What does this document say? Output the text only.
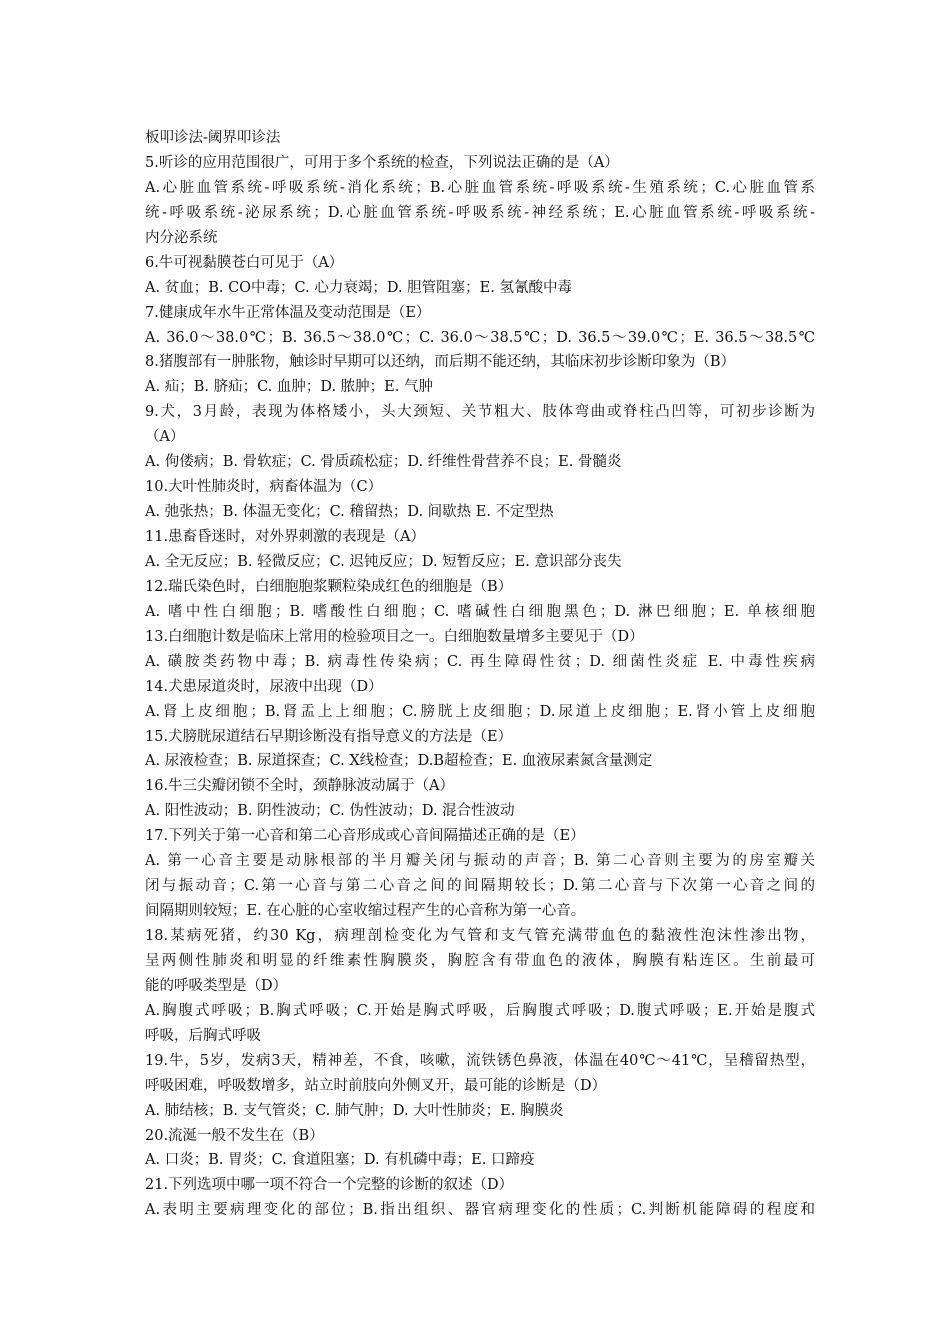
板叩诊法-阈界叩诊法
5.听诊的应用范围很广，可用于多个系统的检查，下列说法正确的是（A）
A.心脏血管系统-呼吸系统-消化系统；B.心脏血管系统-呼吸系统-生殖系统；C.心脏血管系
统-呼吸系统-泌尿系统；D.心脏血管系统-呼吸系统-神经系统；E.心脏血管系统-呼吸系统-
内分泌系统
6.牛可视黏膜苍白可见于（A）
A. 贫血；B. CO中毒；C. 心力衰竭；D. 胆管阻塞；E. 氢氰酸中毒
7.健康成年水牛正常体温及变动范围是（E）
A. 36.0～38.0℃；B. 36.5～38.0℃；C. 36.0～38.5℃；D. 36.5～39.0℃；E. 36.5～38.5℃
8.猪腹部有一肿胀物，触诊时早期可以还纳，而后期不能还纳，其临床初步诊断印象为（B）
A. 疝；B. 脐疝；C. 血肿；D. 脓肿；E. 气肿
9.犬，3月龄，表现为体格矮小，头大颈短、关节粗大、肢体弯曲或脊柱凸凹等，可初步诊断为
（A）
A. 佝偻病；B. 骨软症；C. 骨质疏松症；D. 纤维性骨营养不良；E. 骨髓炎
10.大叶性肺炎时，病畜体温为（C）
A. 弛张热；B. 体温无变化；C. 稽留热；D. 间歇热 E. 不定型热
11.患畜昏迷时，对外界刺激的表现是（A）
A. 全无反应；B. 轻微反应；C. 迟钝反应；D. 短暂反应；E. 意识部分丧失
12.瑞氏染色时，白细胞胞浆颗粒染成红色的细胞是（B）
A. 嗜中性白细胞；B. 嗜酸性白细胞；C. 嗜碱性白细胞黑色；D. 淋巴细胞；E. 单核细胞
13.白细胞计数是临床上常用的检验项目之一。白细胞数量增多主要见于（D）
A. 磺胺类药物中毒；B. 病毒性传染病；C. 再生障碍性贫；D. 细菌性炎症 E. 中毒性疾病
14.犬患尿道炎时，尿液中出现（D）
A.肾上皮细胞；B.肾盂上上细胞；C.膀胱上皮细胞；D.尿道上皮细胞；E.肾小管上皮细胞
15.犬膀胱尿道结石早期诊断没有指导意义的方法是（E）
A. 尿液检查；B. 尿道探查；C. X线检查；D.B超检查；E. 血液尿素氮含量测定
16.牛三尖瓣闭锁不全时，颈静脉波动属于（A）
A. 阳性波动；B. 阴性波动；C. 伪性波动；D. 混合性波动
17.下列关于第一心音和第二心音形成或心音间隔描述正确的是（E）
A. 第一心音主要是动脉根部的半月瓣关闭与振动的声音；B. 第二心音则主要为的房室瓣关
闭与振动音；C.第一心音与第二心音之间的间隔期较长；D.第二心音与下次第一心音之间的
间隔期则较短；E. 在心脏的心室收缩过程产生的心音称为第一心音。
18.某病死猪，约30 Kg，病理剖检变化为气管和支气管充满带血色的黏液性泡沫性渗出物，
呈两侧性肺炎和明显的纤维素性胸膜炎，胸腔含有带血色的液体，胸膜有粘连区。生前最可
能的呼吸类型是（D）
A.胸腹式呼吸；B.胸式呼吸；C.开始是胸式呼吸，后胸腹式呼吸；D.腹式呼吸；E.开始是腹式
呼吸，后胸式呼吸
19.牛，5岁，发病3天，精神差，不食，咳嗽，流铁锈色鼻液，体温在40℃～41℃，呈稽留热型，
呼吸困难，呼吸数增多，站立时前肢向外侧叉开，最可能的诊断是（D）
A. 肺结核；B. 支气管炎；C. 肺气肿；D. 大叶性肺炎；E. 胸膜炎
20.流涎一般不发生在（B）
A. 口炎；B. 胃炎；C. 食道阻塞；D. 有机磷中毒；E. 口蹄疫
21.下列选项中哪一项不符合一个完整的诊断的叙述（D）
A.表明主要病理变化的部位；B.指出组织、器官病理变化的性质；C.判断机能障碍的程度和
